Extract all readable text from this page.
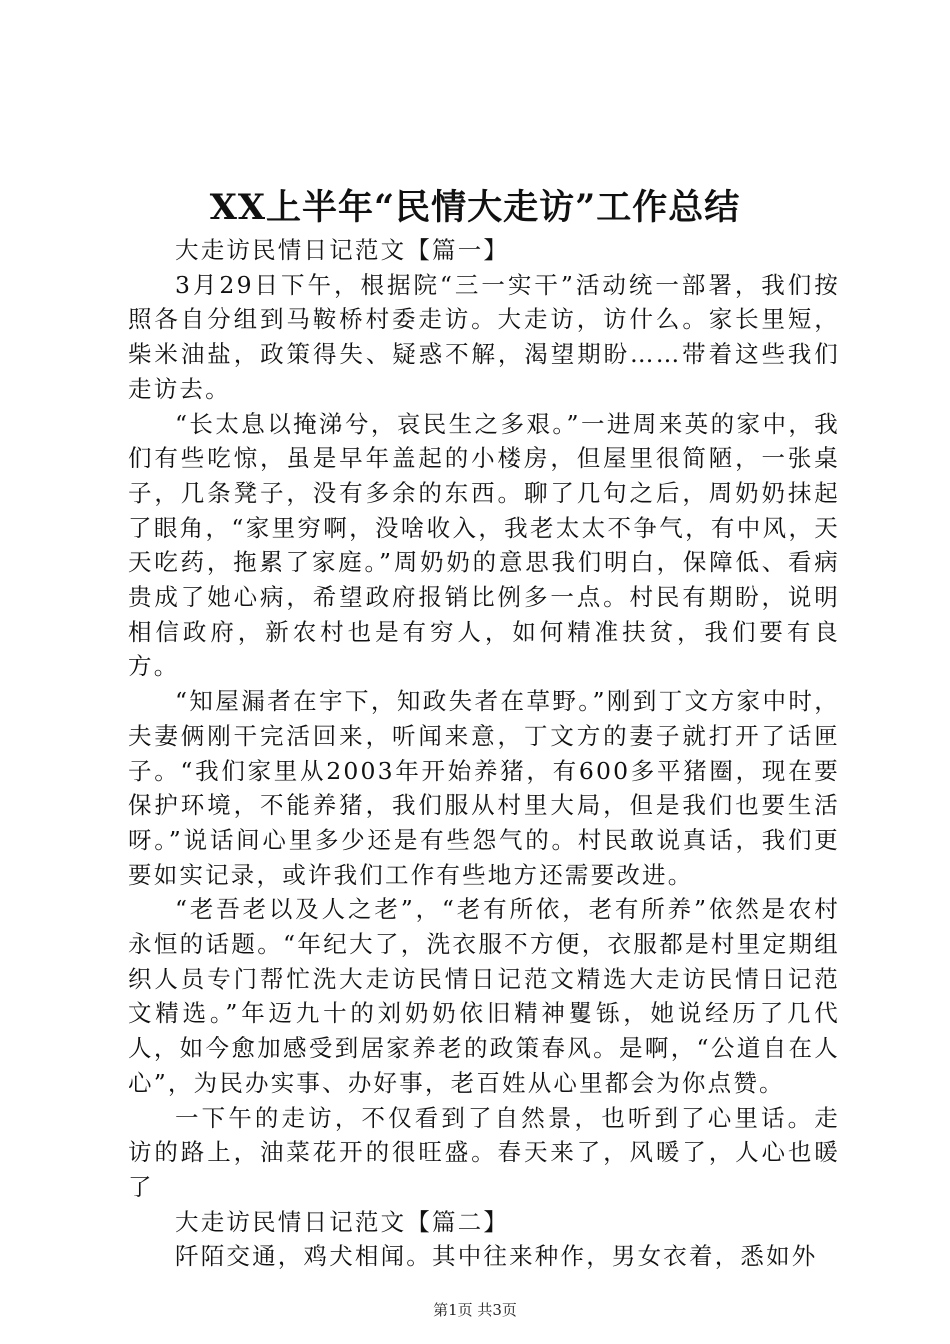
XX上半年“民情大走访”工作总结

大走访民情日记范文【篇一】

3月29日下午，根据院“三一实干”活动统一部署，我们按照各自分组到马鞍桥村委走访。大走访，访什么。家长里短，柴米油盐，政策得失、疑惑不解，渴望期盼……带着这些我们走访去。

“长太息以掩涕兮，哀民生之多艰。”一进周来英的家中，我们有些吃惊，虽是早年盖起的小楼房，但屋里很简陋，一张桌子，几条凳子，没有多余的东西。聊了几句之后，周奶奶抹起了眼角，“家里穷啊，没啥收入，我老太太不争气，有中风，天天吃药，拖累了家庭。”周奶奶的意思我们明白，保障低、看病贵成了她心病，希望政府报销比例多一点。村民有期盼，说明相信政府，新农村也是有穷人，如何精准扶贫，我们要有良方。

“知屋漏者在宇下，知政失者在草野。”刚到丁文方家中时，夫妻俩刚干完活回来，听闻来意，丁文方的妻子就打开了话匣子。“我们家里从2003年开始养猪，有600多平猪圈，现在要保护环境，不能养猪，我们服从村里大局，但是我们也要生活呀。”说话间心里多少还是有些怨气的。村民敢说真话，我们更要如实记录，或许我们工作有些地方还需要改进。

“老吾老以及人之老”，“老有所依，老有所养”依然是农村永恒的话题。“年纪大了，洗衣服不方便，衣服都是村里定期组织人员专门帮忙洗大走访民情日记范文精选大走访民情日记范文精选。”年迈九十的刘奶奶依旧精神矍铄，她说经历了几代人，如今愈加感受到居家养老的政策春风。是啊，“公道自在人心”，为民办实事、办好事，老百姓从心里都会为你点赞。

一下午的走访，不仅看到了自然景，也听到了心里话。走访的路上，油菜花开的很旺盛。春天来了，风暖了，人心也暖了

大走访民情日记范文【篇二】

阡陌交通，鸡犬相闻。其中往来种作，男女衣着，悉如外

第1页 共3页
